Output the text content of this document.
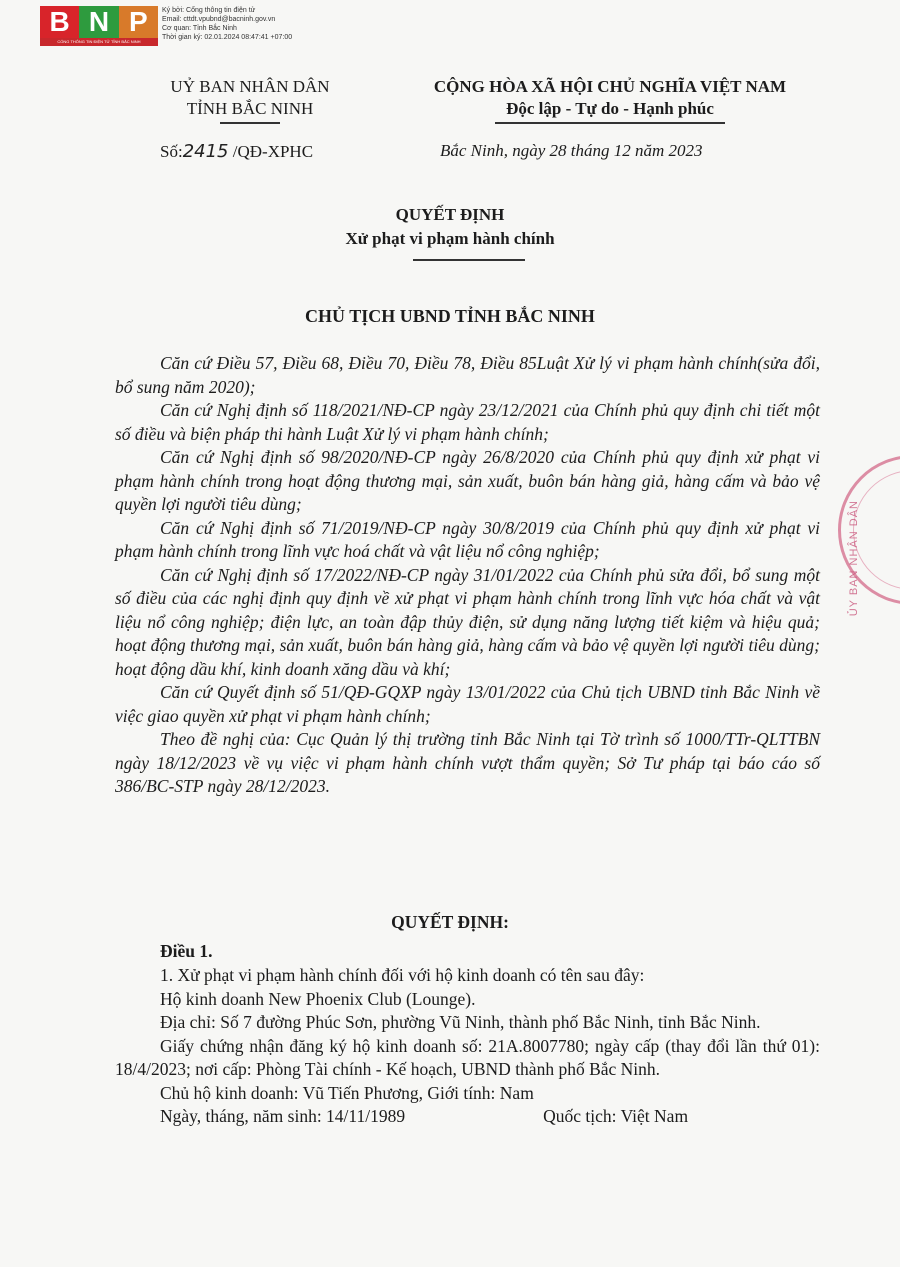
B N P
CỔNG THÔNG TIN ĐIỆN TỬ TỈNH BẮC NINH
Ký bởi: Cổng thông tin điện tử
Email: cttdt.vpubnd@bacninh.gov.vn
Cơ quan: Tỉnh Bắc Ninh
Thời gian ký: 02.01.2024 08:47:41 +07:00
UỶ BAN NHÂN DÂN
TỈNH BẮC NINH
CỘNG HÒA XÃ HỘI CHỦ NGHĨA VIỆT NAM
Độc lập - Tự do - Hạnh phúc
Số:2415 /QĐ-XPHC	Bắc Ninh, ngày 28 tháng 12 năm 2023
QUYẾT ĐỊNH
Xử phạt vi phạm hành chính
CHỦ TỊCH UBND TỈNH BẮC NINH

Căn cứ Điều 57, Điều 68, Điều 70, Điều 78, Điều 85Luật Xử lý vi phạm hành chính(sửa đổi, bổ sung năm 2020);

Căn cứ Nghị định số 118/2021/NĐ-CP ngày 23/12/2021 của Chính phủ quy định chi tiết một số điều và biện pháp thi hành Luật Xử lý vi phạm hành chính;

Căn cứ Nghị định số 98/2020/NĐ-CP ngày 26/8/2020 của Chính phủ quy định xử phạt vi phạm hành chính trong hoạt động thương mại, sản xuất, buôn bán hàng giả, hàng cấm và bảo vệ quyền lợi người tiêu dùng;

Căn cứ Nghị định số 71/2019/NĐ-CP ngày 30/8/2019 của Chính phủ quy định xử phạt vi phạm hành chính trong lĩnh vực hoá chất và vật liệu nổ công nghiệp;

Căn cứ Nghị định số 17/2022/NĐ-CP ngày 31/01/2022 của Chính phủ sửa đổi, bổ sung một số điều của các nghị định quy định về xử phạt vi phạm hành chính trong lĩnh vực hóa chất và vật liệu nổ công nghiệp; điện lực, an toàn đập thủy điện, sử dụng năng lượng tiết kiệm và hiệu quả; hoạt động thương mại, sản xuất, buôn bán hàng giả, hàng cấm và bảo vệ quyền lợi người tiêu dùng; hoạt động dầu khí, kinh doanh xăng dầu và khí;

Căn cứ Quyết định số 51/QĐ-GQXP ngày 13/01/2022 của Chủ tịch UBND tỉnh Bắc Ninh về việc giao quyền xử phạt vi phạm hành chính;

Theo đề nghị của: Cục Quản lý thị trường tỉnh Bắc Ninh tại Tờ trình số 1000/TTr-QLTTBN ngày 18/12/2023 về vụ việc vi phạm hành chính vượt thẩm quyền; Sở Tư pháp tại báo cáo số 386/BC-STP ngày 28/12/2023.

QUYẾT ĐỊNH:
Điều 1.

1. Xử phạt vi phạm hành chính đối với hộ kinh doanh có tên sau đây:

Hộ kinh doanh New Phoenix Club (Lounge).

Địa chỉ: Số 7 đường Phúc Sơn, phường Vũ Ninh, thành phố Bắc Ninh, tỉnh Bắc Ninh.

Giấy chứng nhận đăng ký hộ kinh doanh số: 21A.8007780; ngày cấp (thay đổi lần thứ 01): 18/4/2023; nơi cấp: Phòng Tài chính - Kế hoạch, UBND thành phố Bắc Ninh.

Chủ hộ kinh doanh: Vũ Tiến Phương, Giới tính: Nam

Ngày, tháng, năm sinh: 14/11/1989	Quốc tịch: Việt Nam
ỦY BAN NHÂN DÂN
